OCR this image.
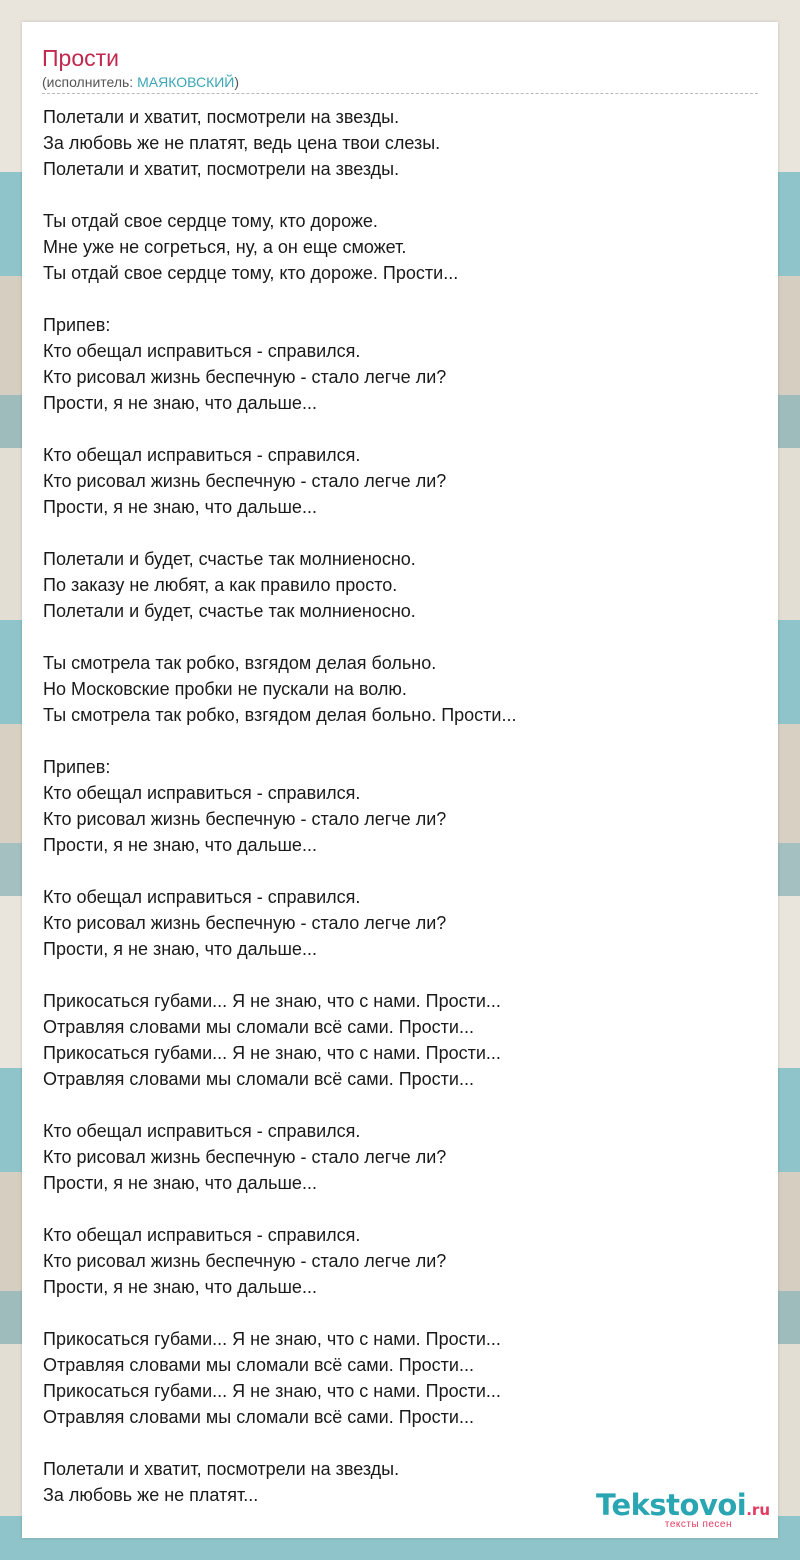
Прости
(исполнитель: МАЯКОВСКИЙ)
Полетали и хватит, посмотрели на звезды.
За любовь же не платят, ведь цена твои слезы.
Полетали и хватит, посмотрели на звезды.
Ты отдай свое сердце тому, кто дороже.
Мне уже не согреться, ну, а он еще сможет.
Ты отдай свое сердце тому, кто дороже. Прости...
Припев:
Кто обещал исправиться - справился.
Кто рисовал жизнь беспечную - стало легче ли?
Прости, я не знаю, что дальше...
Кто обещал исправиться - справился.
Кто рисовал жизнь беспечную - стало легче ли?
Прости, я не знаю, что дальше...
Полетали и будет, счастье так молниеносно.
По заказу не любят, а как правило просто.
Полетали и будет, счастье так молниеносно.
Ты смотрела так робко, взгядом делая больно.
Но Московские пробки не пускали на волю.
Ты смотрела так робко, взгядом делая больно. Прости...
Припев:
Кто обещал исправиться - справился.
Кто рисовал жизнь беспечную - стало легче ли?
Прости, я не знаю, что дальше...
Кто обещал исправиться - справился.
Кто рисовал жизнь беспечную - стало легче ли?
Прости, я не знаю, что дальше...
Прикосаться губами... Я не знаю, что с нами. Прости...
Отравляя словами мы сломали всё сами. Прости...
Прикосаться губами... Я не знаю, что с нами. Прости...
Отравляя словами мы сломали всё сами. Прости...
Кто обещал исправиться - справился.
Кто рисовал жизнь беспечную - стало легче ли?
Прости, я не знаю, что дальше...
Кто обещал исправиться - справился.
Кто рисовал жизнь беспечную - стало легче ли?
Прости, я не знаю, что дальше...
Прикосаться губами... Я не знаю, что с нами. Прости...
Отравляя словами мы сломали всё сами. Прости...
Прикосаться губами... Я не знаю, что с нами. Прости...
Отравляя словами мы сломали всё сами. Прости...
Полетали и хватит, посмотрели на звезды.
За любовь же не платят...	Tekstovoi.ru
тексты песен
